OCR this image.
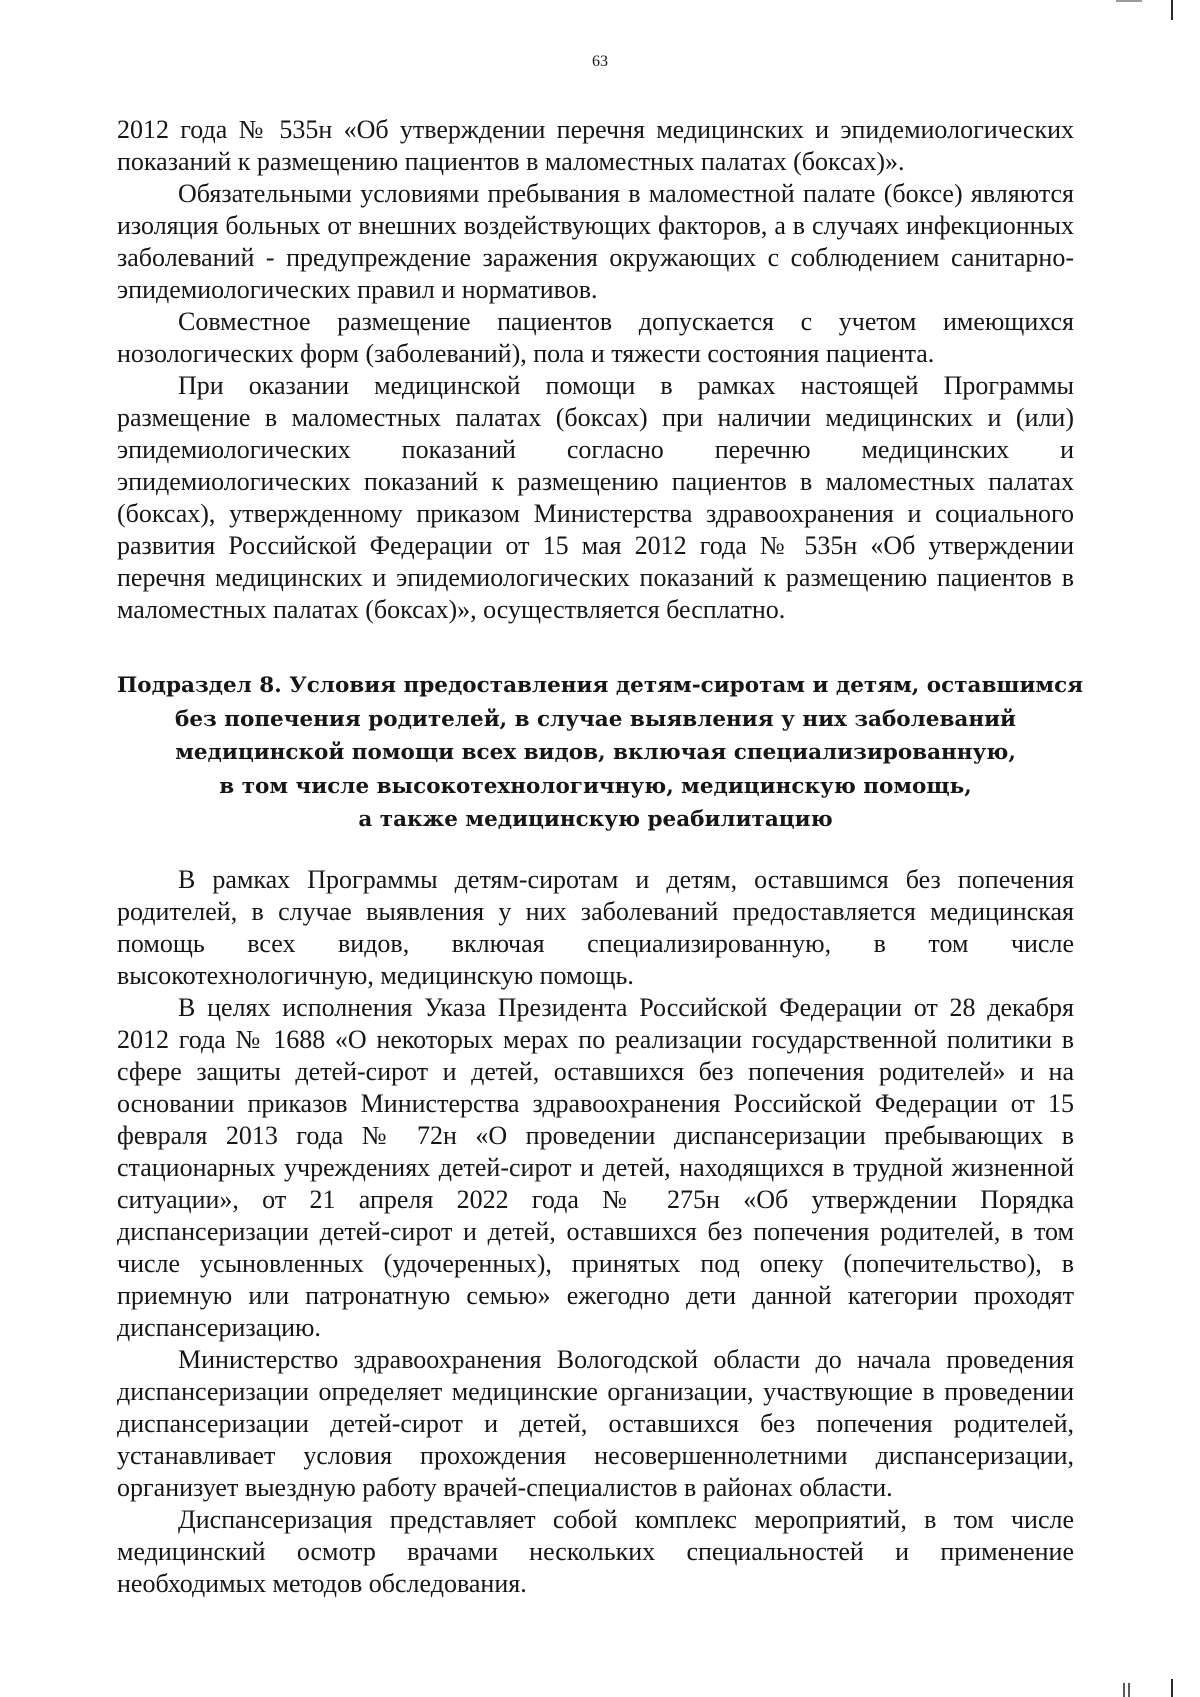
63

2012 года № 535н «Об утверждении перечня медицинских и эпидемиологических показаний к размещению пациентов в маломестных палатах (боксах)».

Обязательными условиями пребывания в маломестной палате (боксе) являются изоляция больных от внешних воздействующих факторов, а в случаях инфекционных заболеваний - предупреждение заражения окружающих с соблюдением санитарно-эпидемиологических правил и нормативов.

Совместное размещение пациентов допускается с учетом имеющихся нозологических форм (заболеваний), пола и тяжести состояния пациента.

При оказании медицинской помощи в рамках настоящей Программы размещение в маломестных палатах (боксах) при наличии медицинских и (или) эпидемиологических показаний согласно перечню медицинских и эпидемиологических показаний к размещению пациентов в маломестных палатах (боксах), утвержденному приказом Министерства здравоохранения и социального развития Российской Федерации от 15 мая 2012 года № 535н «Об утверждении перечня медицинских и эпидемиологических показаний к размещению пациентов в маломестных палатах (боксах)», осуществляется бесплатно.

Подраздел 8. Условия предоставления детям-сиротам и детям, оставшимся
без попечения родителей, в случае выявления у них заболеваний
медицинской помощи всех видов, включая специализированную,
в том числе высокотехнологичную, медицинскую помощь,
а также медицинскую реабилитацию

В рамках Программы детям-сиротам и детям, оставшимся без попечения родителей, в случае выявления у них заболеваний предоставляется медицинская помощь всех видов, включая специализированную, в том числе высокотехнологичную, медицинскую помощь.

В целях исполнения Указа Президента Российской Федерации от 28 декабря 2012 года № 1688 «О некоторых мерах по реализации государственной политики в сфере защиты детей-сирот и детей, оставшихся без попечения родителей» и на основании приказов Министерства здравоохранения Российской Федерации от 15 февраля 2013 года № 72н «О проведении диспансеризации пребывающих в стационарных учреждениях детей-сирот и детей, находящихся в трудной жизненной ситуации», от 21 апреля 2022 года № 275н «Об утверждении Порядка диспансеризации детей-сирот и детей, оставшихся без попечения родителей, в том числе усыновленных (удочеренных), принятых под опеку (попечительство), в приемную или патронатную семью» ежегодно дети данной категории проходят диспансеризацию.

Министерство здравоохранения Вологодской области до начала проведения диспансеризации определяет медицинские организации, участвующие в проведении диспансеризации детей-сирот и детей, оставшихся без попечения родителей, устанавливает условия прохождения несовершеннолетними диспансеризации, организует выездную работу врачей-специалистов в районах области.

Диспансеризация представляет собой комплекс мероприятий, в том числе медицинский осмотр врачами нескольких специальностей и применение необходимых методов обследования.
